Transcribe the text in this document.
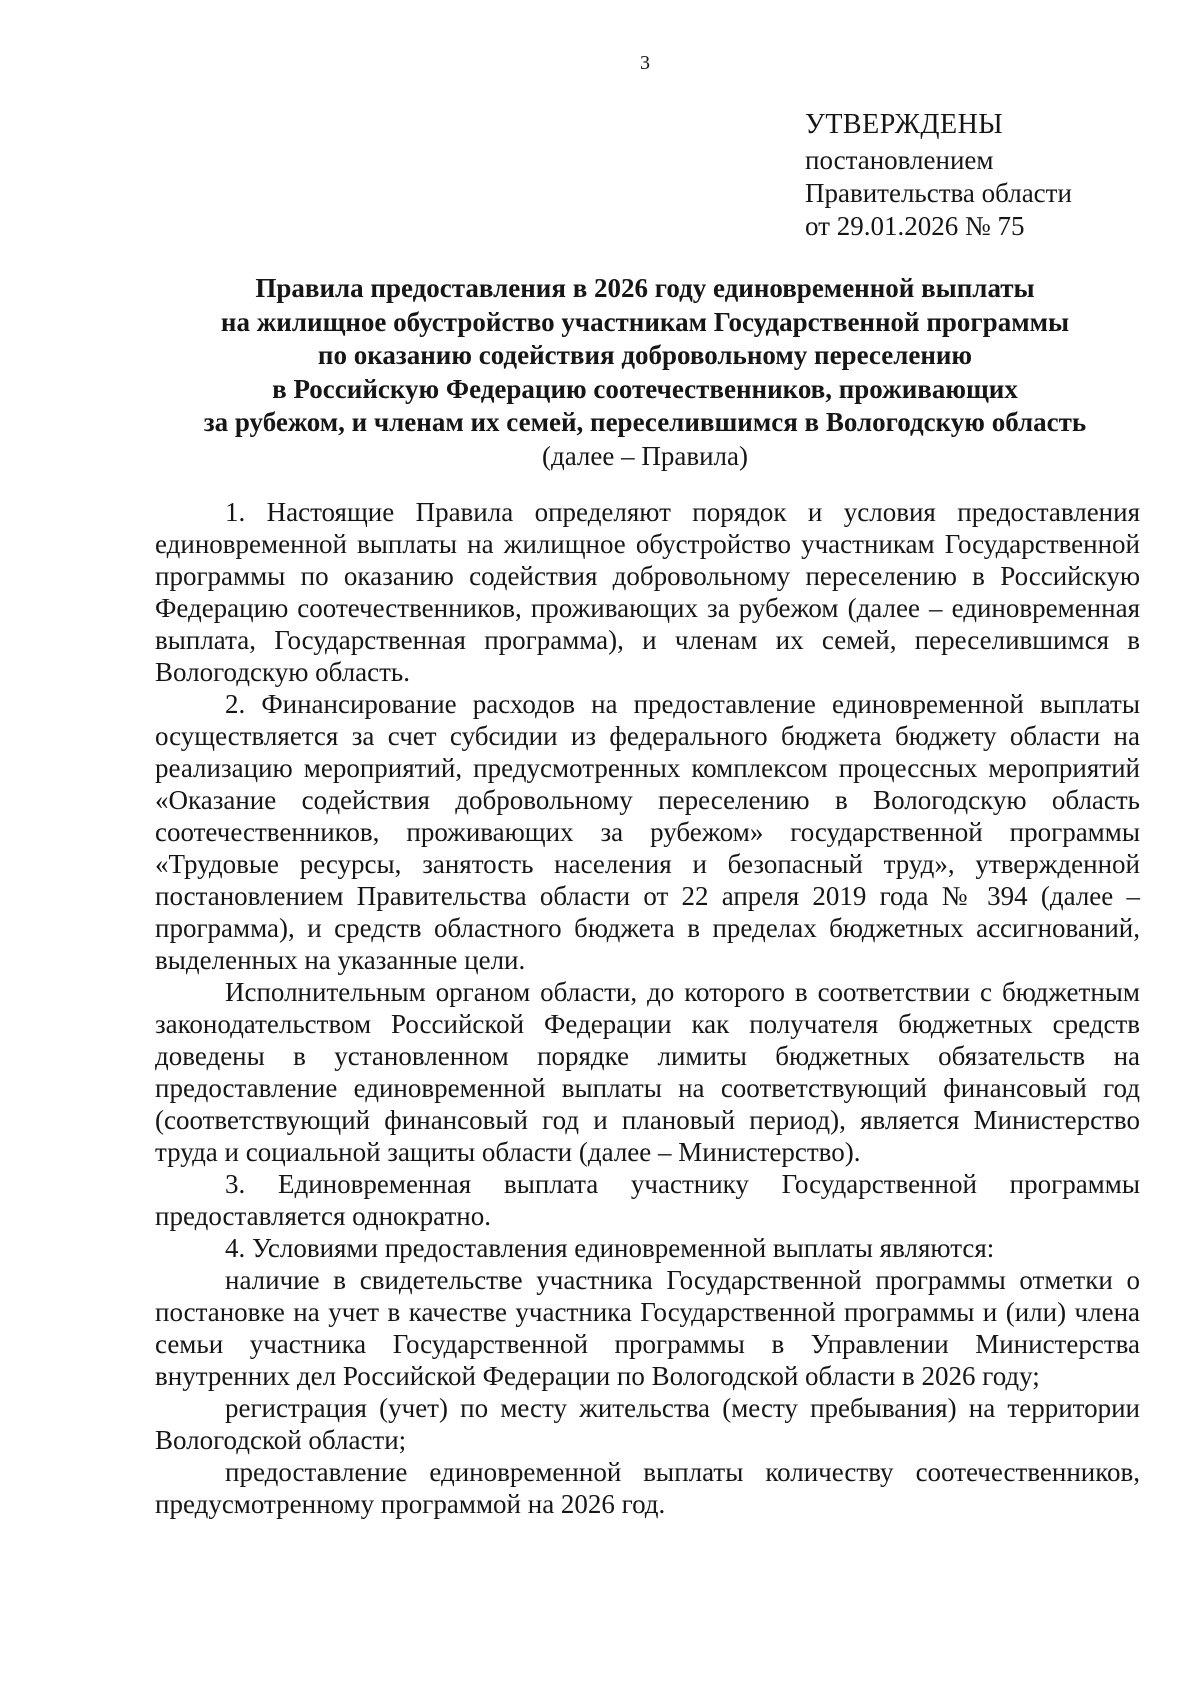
3
УТВЕРЖДЕНЫ
постановлением
Правительства области
от 29.01.2026 № 75
Правила предоставления в 2026 году единовременной выплаты
на жилищное обустройство участникам Государственной программы
по оказанию содействия добровольному переселению
в Российскую Федерацию соотечественников, проживающих
за рубежом, и членам их семей, переселившимся в Вологодскую область
(далее – Правила)

1. Настоящие Правила определяют порядок и условия предоставления единовременной выплаты на жилищное обустройство участникам Государственной программы по оказанию содействия добровольному переселению в Российскую Федерацию соотечественников, проживающих за рубежом (далее – единовременная выплата, Государственная программа), и членам их семей, переселившимся в Вологодскую область.

2. Финансирование расходов на предоставление единовременной выплаты осуществляется за счет субсидии из федерального бюджета бюджету области на реализацию мероприятий, предусмотренных комплексом процессных мероприятий «Оказание содействия добровольному переселению в Вологодскую область соотечественников, проживающих за рубежом» государственной программы «Трудовые ресурсы, занятость населения и безопасный труд», утвержденной постановлением Правительства области от 22 апреля 2019 года № 394 (далее – программа), и средств областного бюджета в пределах бюджетных ассигнований, выделенных на указанные цели.

Исполнительным органом области, до которого в соответствии с бюджетным законодательством Российской Федерации как получателя бюджетных средств доведены в установленном порядке лимиты бюджетных обязательств на предоставление единовременной выплаты на соответствующий финансовый год (соответствующий финансовый год и плановый период), является Министерство труда и социальной защиты области (далее – Министерство).

3. Единовременная выплата участнику Государственной программы предоставляется однократно.

4. Условиями предоставления единовременной выплаты являются:

наличие в свидетельстве участника Государственной программы отметки о постановке на учет в качестве участника Государственной программы и (или) члена семьи участника Государственной программы в Управлении Министерства внутренних дел Российской Федерации по Вологодской области в 2026 году;

регистрация (учет) по месту жительства (месту пребывания) на территории Вологодской области;

предоставление единовременной выплаты количеству соотечественников, предусмотренному программой на 2026 год.
